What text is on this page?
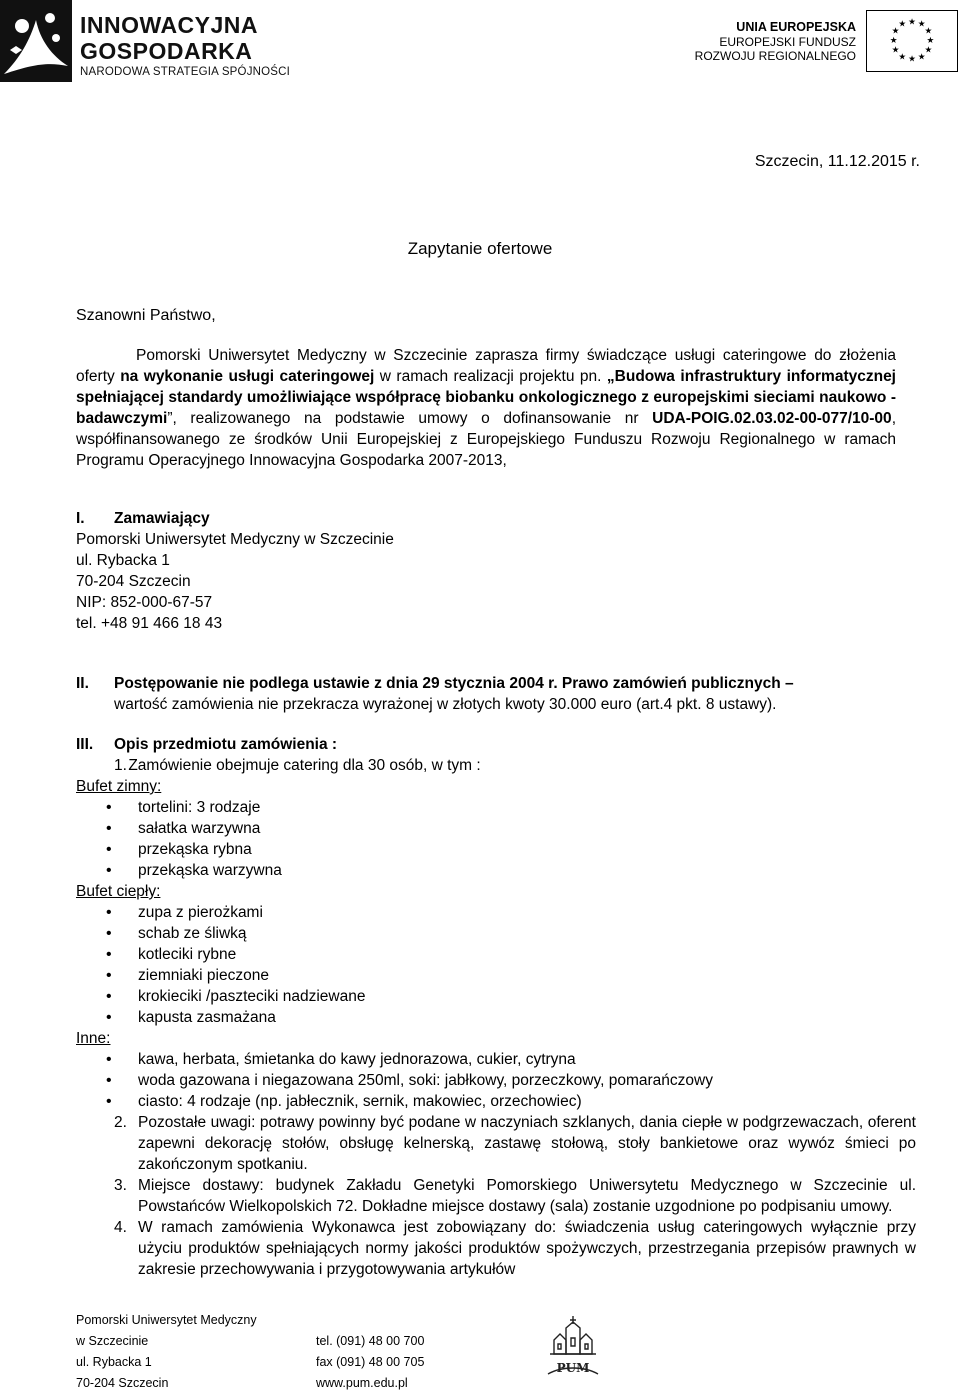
INNOWACYJNA
GOSPODARKA
NARODOWA STRATEGIA SPÓJNOŚCI
UNIA EUROPEJSKA
EUROPEJSKI FUNDUSZ
ROZWOJU REGIONALNEGO
★ ★
★
★
★
★
★
★
★
★
★
★
Szczecin, 11.12.2015 r.
Zapytanie ofertowe
Szanowni Państwo,

Pomorski Uniwersytet Medyczny w Szczecinie zaprasza firmy świadczące usługi cateringowe do złożenia oferty na wykonanie usługi cateringowej w ramach realizacji projektu pn. „Budowa infrastruktury informatycznej spełniającej standardy umożliwiające współpracę biobanku onkologicznego z europejskimi sieciami naukowo - badawczymi”, realizowanego na podstawie umowy o dofinansowanie nr UDA-POIG.02.03.02-00-077/10-00, współfinansowanego ze środków Unii Europejskiej z Europejskiego Funduszu Rozwoju Regionalnego w ramach Programu Operacyjnego Innowacyjna Gospodarka 2007-2013,

I. Zamawiający
Pomorski Uniwersytet Medyczny w Szczecinie
ul. Rybacka 1
70-204 Szczecin
NIP: 852-000-67-57
tel. +48 91 466 18 43
II. Postępowanie nie podlega ustawie z dnia 29 stycznia 2004 r. Prawo zamówień publicznych –
wartość zamówienia nie przekracza wyrażonej w złotych kwoty 30.000 euro (art.4 pkt. 8 ustawy).
III. Opis przedmiotu zamówienia :
1. Zamówienie obejmuje catering dla 30 osób, w tym :
Bufet zimny:
• tortelini: 3 rodzaje
• sałatka warzywna
• przekąska rybna
• przekąska warzywna
Bufet ciepły:
• zupa z pierożkami
• schab ze śliwką
• kotleciki rybne
• ziemniaki pieczone
• krokieciki /paszteciki nadziewane
• kapusta zasmażana
Inne:
• kawa, herbata, śmietanka do kawy jednorazowa, cukier, cytryna
• woda gazowana i niegazowana 250ml, soki: jabłkowy, porzeczkowy, pomarańczowy
• ciasto: 4 rodzaje (np. jabłecznik, sernik, makowiec, orzechowiec)
2. Pozostałe uwagi: potrawy powinny być podane w naczyniach szklanych, dania ciepłe w podgrzewaczach, oferent zapewni dekorację stołów, obsługę kelnerską, zastawę stołową, stoły bankietowe oraz wywóz śmieci po zakończonym spotkaniu.
3. Miejsce dostawy: budynek Zakładu Genetyki Pomorskiego Uniwersytetu Medycznego w Szczecinie ul. Powstańców Wielkopolskich 72. Dokładne miejsce dostawy (sala) zostanie uzgodnione po podpisaniu umowy.
4. W ramach zamówienia Wykonawca jest zobowiązany do: świadczenia usług cateringowych wyłącznie przy użyciu produktów spełniających normy jakości produktów spożywczych, przestrzegania przepisów prawnych w zakresie przechowywania i przygotowywania artykułów
Pomorski Uniwersytet Medyczny
w Szczecinie
ul. Rybacka 1
70-204 Szczecin
tel. (091) 48 00 700
fax (091) 48 00 705
www.pum.edu.pl
PUM
